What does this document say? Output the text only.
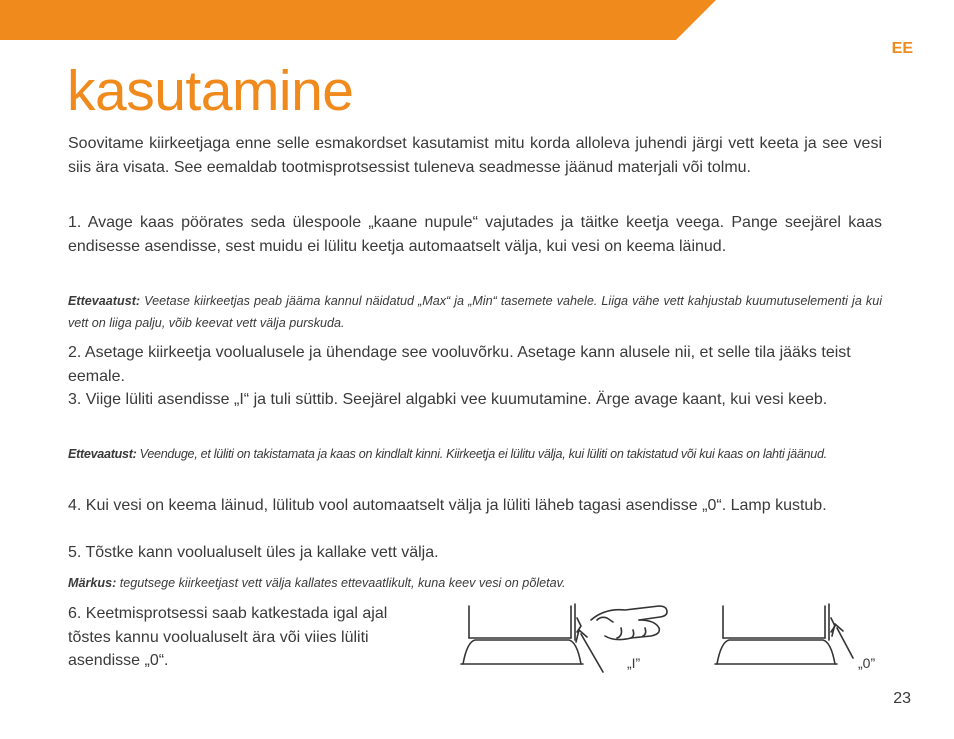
EE
kasutamine

Soovitame kiirkeetjaga enne selle esmakordset kasutamist mitu korda alloleva juhendi järgi vett keeta ja see vesi siis ära visata. See eemaldab tootmisprotsessist tuleneva seadmesse jäänud materjali või tolmu.

1. Avage kaas pöörates seda ülespoole „kaane nupule“ vajutades ja täitke keetja veega. Pange seejärel kaas endisesse asendisse, sest muidu ei lülitu keetja automaatselt välja, kui vesi on keema läinud.

Ettevaatust: Veetase kiirkeetjas peab jääma kannul näidatud „Max“ ja „Min“ tasemete vahele. Liiga vähe vett kahjustab kuumutuselementi ja kui vett on liiga palju, võib keevat vett välja purskuda.

2. Asetage kiirkeetja voolualusele ja ühendage see vooluvõrku. Asetage kann alusele nii, et selle tila jääks teist eemale.

3. Viige lüliti asendisse „I“ ja tuli süttib. Seejärel algabki vee kuumutamine. Ärge avage kaant, kui vesi keeb.

Ettevaatust: Veenduge, et lüliti on takistamata ja kaas on kindlalt kinni. Kiirkeetja ei lülitu välja, kui lüliti on takistatud või kui kaas on lahti jäänud.

4. Kui vesi on keema läinud, lülitub vool automaatselt välja ja lüliti läheb tagasi asendisse „0“. Lamp kustub.

5. Tõstke kann voolualuselt üles ja kallake vett välja.

Märkus: tegutsege kiirkeetjast vett välja kallates ettevaatlikult, kuna keev vesi on põletav.

6. Keetmisprotsessi saab katkestada igal ajal tõstes kannu voolualuselt ära või viies lüliti asendisse „0“.	„I”	„0”
23
